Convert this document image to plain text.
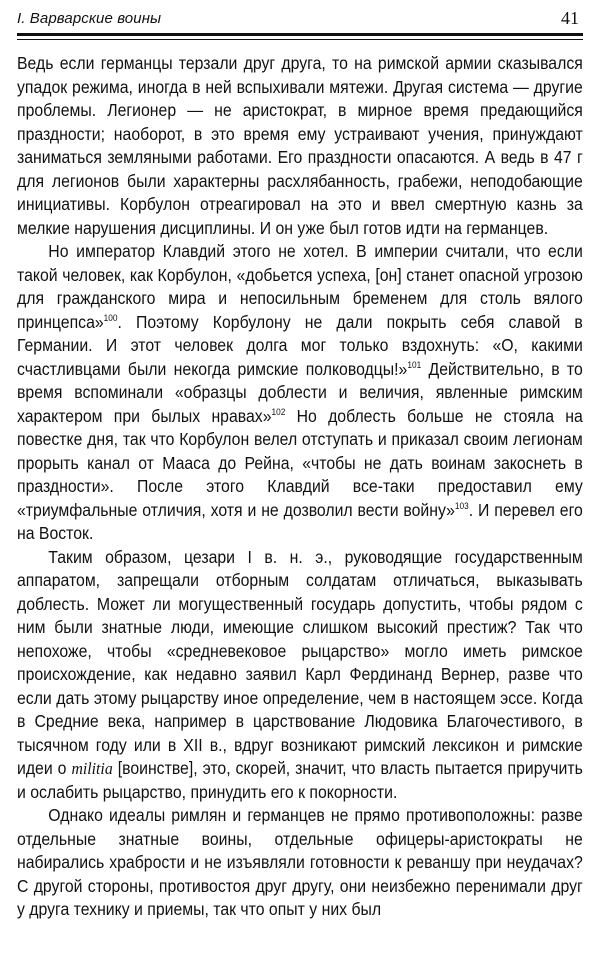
I. Варварские воины	41

Ведь если германцы терзали друг друга, то на римской армии сказывался упадок режима, иногда в ней вспыхивали мятежи. Другая система — другие проблемы. Легионер — не аристократ, в мирное время предающийся праздности; наоборот, в это время ему устраивают учения, принуждают заниматься земляными работами. Его праздности опасаются. А ведь в 47 г для легионов были характерны расхлябанность, грабежи, неподобающие инициативы. Корбулон отреагировал на это и ввел смертную казнь за мелкие нарушения дисциплины. И он уже был готов идти на германцев.

Но император Клавдий этого не хотел. В империи считали, что если такой человек, как Корбулон, «добьется успеха, [он] станет опасной угрозою для гражданского мира и непосильным бременем для столь вялого принцепса»$^{100}$. Поэтому Корбулону не дали покрыть себя славой в Германии. И этот человек долга мог только вздохнуть: «О, какими счастливцами были некогда римские полководцы!»$^{101}$ Действительно, в то время вспоминали «образцы доблести и величия, явленные римским характером при былых нравах»$^{102}$ Но доблесть больше не стояла на повестке дня, так что Корбулон велел отступать и приказал своим легионам прорыть канал от Мааса до Рейна, «чтобы не дать воинам закоснеть в праздности». После этого Клавдий все-таки предоставил ему «триумфальные отличия, хотя и не дозволил вести войну»$^{103}$. И перевел его на Восток.

Таким образом, цезари I в. н. э., руководящие государственным аппаратом, запрещали отборным солдатам отличаться, выказывать доблесть. Может ли могущественный государь допустить, чтобы рядом с ним были знатные люди, имеющие слишком высокий престиж? Так что непохоже, чтобы «средневековое рыцарство» могло иметь римское происхождение, как недавно заявил Карл Фердинанд Вернер, разве что если дать этому рыцарству иное определение, чем в настоящем эссе. Когда в Средние века, например в царствование Людовика Благочестивого, в тысячном году или в XII в., вдруг возникают римский лексикон и римские идеи о militia [воинстве], это, скорей, значит, что власть пытается приручить и ослабить рыцарство, принудить его к покорности.

Однако идеалы римлян и германцев не прямо противоположны: разве отдельные знатные воины, отдельные офицеры-аристократы не набирались храбрости и не изъявляли готовности к реваншу при неудачах? С другой стороны, противостоя друг другу, они неизбежно перенимали друг у друга технику и приемы, так что опыт у них был
